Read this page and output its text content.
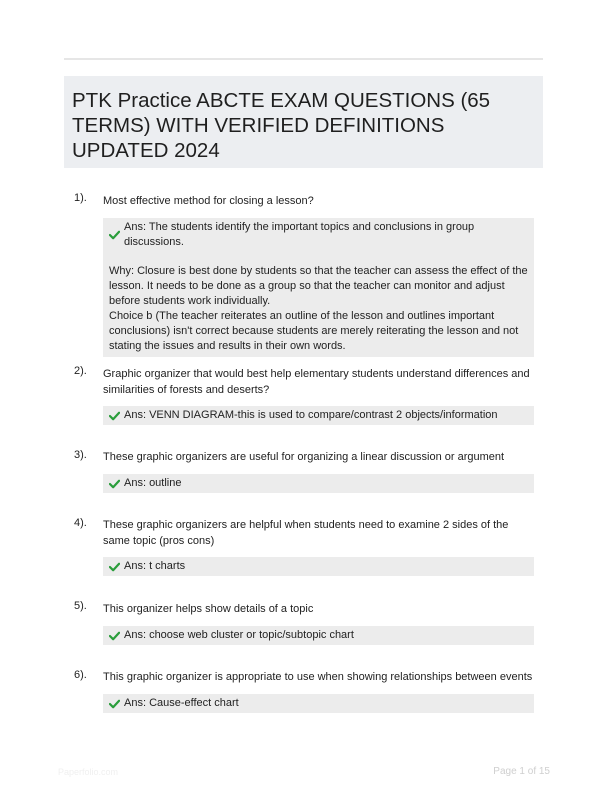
PTK Practice ABCTE EXAM QUESTIONS (65 TERMS) WITH VERIFIED DEFINITIONS UPDATED 2024
1). Most effective method for closing a lesson?
Ans: The students identify the important topics and conclusions in group discussions.

Why: Closure is best done by students so that the teacher can assess the effect of the lesson. It needs to be done as a group so that the teacher can monitor and adjust before students work individually.

Choice b (The teacher reiterates an outline of the lesson and outlines important conclusions) isn't correct because students are merely reiterating the lesson and not stating the issues and results in their own words.

2). Graphic organizer that would best help elementary students understand differences and similarities of forests and deserts?
Ans: VENN DIAGRAM-this is used to compare/contrast 2 objects/information
3). These graphic organizers are useful for organizing a linear discussion or argument
Ans: outline
4). These graphic organizers are helpful when students need to examine 2 sides of the same topic (pros cons)
Ans: t charts
5). This organizer helps show details of a topic
Ans: choose web cluster or topic/subtopic chart
6). This graphic organizer is appropriate to use when showing relationships between events
Ans: Cause-effect chart
Paperfolio.com	Page 1 of 15
